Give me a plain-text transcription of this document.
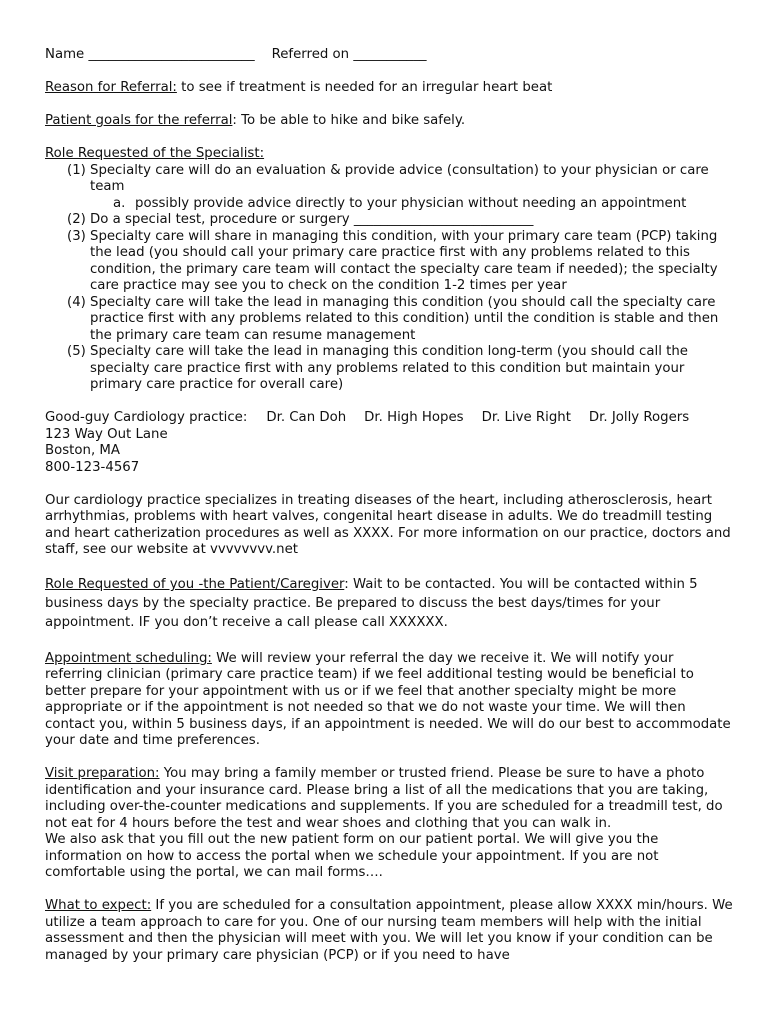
Name _________________________ Referred on ___________

Reason for Referral: to see if treatment is needed for an irregular heart beat

Patient goals for the referral: To be able to hike and bike safely.

Role Requested of the Specialist:

(1) Specialty care will do an evaluation & provide advice (consultation) to your physician or care team
a. possibly provide advice directly to your physician without needing an appointment
(2) Do a special test, procedure or surgery ___________________________
(3) Specialty care will share in managing this condition, with your primary care team (PCP) taking the lead (you should call your primary care practice first with any problems related to this condition, the primary care team will contact the specialty care team if needed); the specialty care practice may see you to check on the condition 1-2 times per year
(4) Specialty care will take the lead in managing this condition (you should call the specialty care practice first with any problems related to this condition) until the condition is stable and then the primary care team can resume management
(5) Specialty care will take the lead in managing this condition long-term (you should call the specialty care practice first with any problems related to this condition but maintain your primary care practice for overall care)
Good-guy Cardiology practice: Dr. Can Doh Dr. High Hopes Dr. Live Right Dr. Jolly Rogers

123 Way Out Lane

Boston, MA

800-123-4567

Our cardiology practice specializes in treating diseases of the heart, including atherosclerosis, heart arrhythmias, problems with heart valves, congenital heart disease in adults. We do treadmill testing and heart catherization procedures as well as XXXX. For more information on our practice, doctors and staff, see our website at vvvvvvvv.net

Role Requested of you -the Patient/Caregiver: Wait to be contacted. You will be contacted within 5 business days by the specialty practice. Be prepared to discuss the best days/times for your appointment. IF you don’t receive a call please call XXXXXX.

Appointment scheduling: We will review your referral the day we receive it. We will notify your referring clinician (primary care practice team) if we feel additional testing would be beneficial to better prepare for your appointment with us or if we feel that another specialty might be more appropriate or if the appointment is not needed so that we do not waste your time. We will then contact you, within 5 business days, if an appointment is needed. We will do our best to accommodate your date and time preferences.

Visit preparation: You may bring a family member or trusted friend. Please be sure to have a photo identification and your insurance card. Please bring a list of all the medications that you are taking, including over-the-counter medications and supplements. If you are scheduled for a treadmill test, do not eat for 4 hours before the test and wear shoes and clothing that you can walk in.

We also ask that you fill out the new patient form on our patient portal. We will give you the information on how to access the portal when we schedule your appointment. If you are not comfortable using the portal, we can mail forms….

What to expect: If you are scheduled for a consultation appointment, please allow XXXX min/hours. We utilize a team approach to care for you. One of our nursing team members will help with the initial assessment and then the physician will meet with you. We will let you know if your condition can be managed by your primary care physician (PCP) or if you need to have
